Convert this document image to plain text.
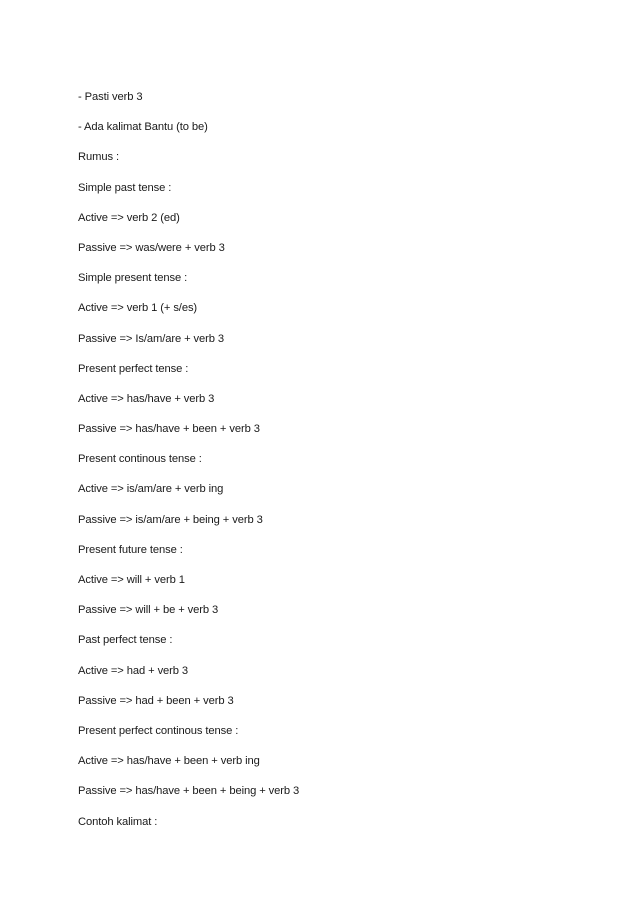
- Pasti verb 3
- Ada kalimat Bantu (to be)
Rumus :
Simple past tense :
Active => verb 2 (ed)
Passive => was/were + verb 3
Simple present tense :
Active => verb 1 (+ s/es)
Passive => Is/am/are + verb 3
Present perfect tense :
Active => has/have + verb 3
Passive => has/have + been + verb 3
Present continous tense :
Active => is/am/are + verb ing
Passive => is/am/are + being + verb 3
Present future tense :
Active => will + verb 1
Passive => will + be + verb 3
Past perfect tense :
Active => had + verb 3
Passive => had + been + verb 3
Present perfect continous tense :
Active => has/have + been + verb ing
Passive => has/have + been + being + verb 3
Contoh kalimat :
